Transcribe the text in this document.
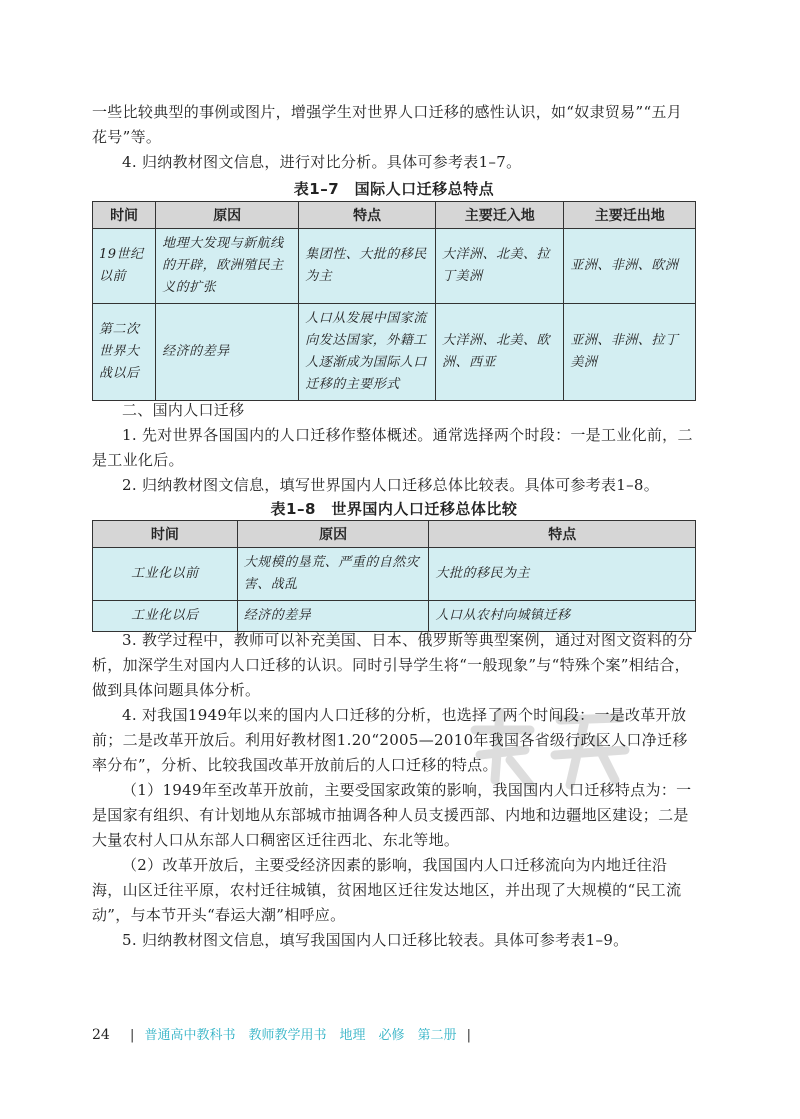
一些比较典型的事例或图片，增强学生对世界人口迁移的感性认识，如“奴隶贸易”“五月花号”等。

4. 归纳教材图文信息，进行对比分析。具体可参考表1–7。

表1–7　国际人口迁移总特点

时间	原因	特点	主要迁入地	主要迁出地
19世纪以前	地理大发现与新航线的开辟，欧洲殖民主义的扩张	集团性、大批的移民为主	大洋洲、北美、拉丁美洲	亚洲、非洲、欧洲
第二次世界大战以后	经济的差异	人口从发展中国家流向发达国家，外籍工人逐渐成为国际人口迁移的主要形式	大洋洲、北美、欧洲、西亚	亚洲、非洲、拉丁美洲

二、国内人口迁移

1. 先对世界各国国内的人口迁移作整体概述。通常选择两个时段：一是工业化前，二是工业化后。

2. 归纳教材图文信息，填写世界国内人口迁移总体比较表。具体可参考表1–8。

表1–8　世界国内人口迁移总体比较

时间	原因	特点
工业化以前	大规模的垦荒、严重的自然灾害、战乱	大批的移民为主
工业化以后	经济的差异	人口从农村向城镇迁移

3. 教学过程中，教师可以补充美国、日本、俄罗斯等典型案例，通过对图文资料的分析，加深学生对国内人口迁移的认识。同时引导学生将“一般现象”与“特殊个案”相结合，做到具体问题具体分析。

4. 对我国1949年以来的国内人口迁移的分析，也选择了两个时间段：一是改革开放前；二是改革开放后。利用好教材图1.20“2005—2010年我国各省级行政区人口净迁移率分布”，分析、比较我国改革开放前后的人口迁移的特点。

（1）1949年至改革开放前，主要受国家政策的影响，我国国内人口迁移特点为：一是国家有组织、有计划地从东部城市抽调各种人员支援西部、内地和边疆地区建设；二是大量农村人口从东部人口稠密区迁往西北、东北等地。

（2）改革开放后，主要受经济因素的影响，我国国内人口迁移流向为内地迁往沿海，山区迁往平原，农村迁往城镇，贫困地区迁往发达地区，并出现了大规模的“民工流动”，与本节开头“春运大潮”相呼应。

5. 归纳教材图文信息，填写我国国内人口迁移比较表。具体可参考表1–9。

24 | 普通高中教科书　教师教学用书　地理　必修　第二册 |
